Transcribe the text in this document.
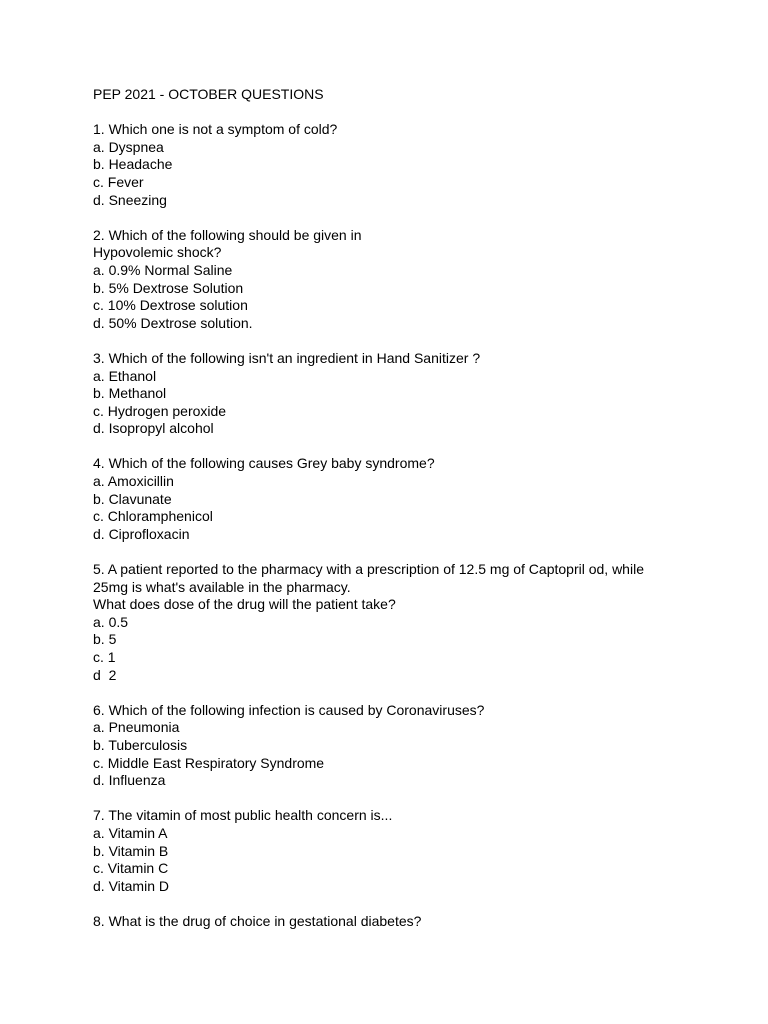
PEP 2021 - OCTOBER QUESTIONS
1. Which one is not a symptom of cold?
a. Dyspnea
b. Headache
c. Fever
d. Sneezing
2. Which of the following should be given in
Hypovolemic shock?
a. 0.9% Normal Saline
b. 5% Dextrose Solution
c. 10% Dextrose solution
d. 50% Dextrose solution.
3. Which of the following isn't an ingredient in Hand Sanitizer ?
a. Ethanol
b. Methanol
c. Hydrogen peroxide
d. Isopropyl alcohol
4. Which of the following causes Grey baby syndrome?
a. Amoxicillin
b. Clavunate
c. Chloramphenicol
d. Ciprofloxacin
5. A patient reported to the pharmacy with a prescription of 12.5 mg of Captopril od, while
25mg is what's available in the pharmacy.
What does dose of the drug will the patient take?
a. 0.5
b. 5
c. 1
d  2
6. Which of the following infection is caused by Coronaviruses?
a. Pneumonia
b. Tuberculosis
c. Middle East Respiratory Syndrome
d. Influenza
7. The vitamin of most public health concern is...
a. Vitamin A
b. Vitamin B
c. Vitamin C
d. Vitamin D
8. What is the drug of choice in gestational diabetes?
